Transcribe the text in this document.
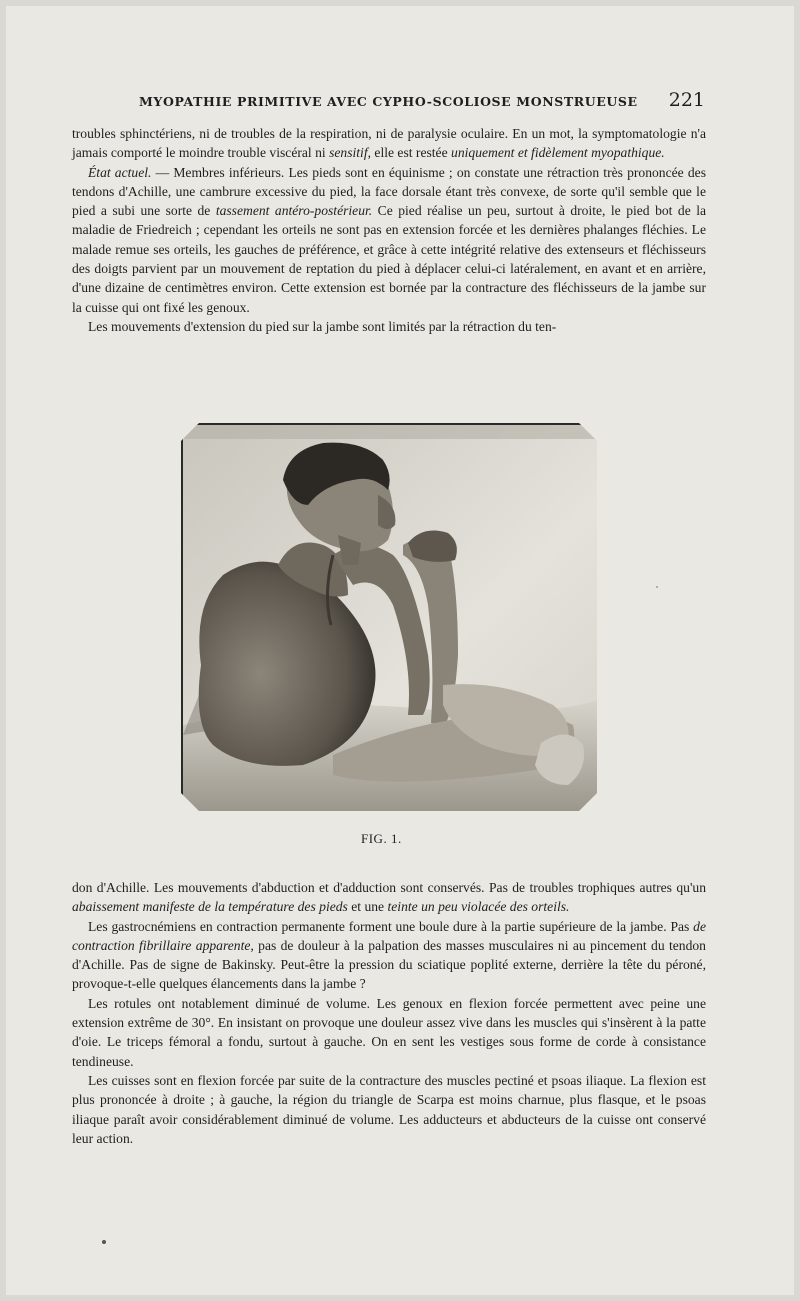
MYOPATHIE PRIMITIVE AVEC CYPHO-SCOLIOSE MONSTRUEUSE 221

troubles sphinctériens, ni de troubles de la respiration, ni de paralysie oculaire. En un mot, la symptomatologie n'a jamais comporté le moindre trouble viscéral ni sensitif, elle est restée uniquement et fidèlement myopathique.

État actuel. — Membres inférieurs. Les pieds sont en équinisme ; on constate une rétraction très prononcée des tendons d'Achille, une cambrure excessive du pied, la face dorsale étant très convexe, de sorte qu'il semble que le pied a subi une sorte de tassement antéro-postérieur. Ce pied réalise un peu, surtout à droite, le pied bot de la maladie de Friedreich ; cependant les orteils ne sont pas en extension forcée et les dernières phalanges fléchies. Le malade remue ses orteils, les gauches de préférence, et grâce à cette intégrité relative des extenseurs et fléchisseurs des doigts parvient par un mouvement de reptation du pied à déplacer celui-ci latéralement, en avant et en arrière, d'une dizaine de centimètres environ. Cette extension est bornée par la contracture des fléchisseurs de la jambe sur la cuisse qui ont fixé les genoux.

Les mouvements d'extension du pied sur la jambe sont limités par la rétraction du ten-

FIG. 1.

don d'Achille. Les mouvements d'abduction et d'adduction sont conservés. Pas de troubles trophiques autres qu'un abaissement manifeste de la température des pieds et une teinte un peu violacée des orteils.

Les gastrocnémiens en contraction permanente forment une boule dure à la partie supérieure de la jambe. Pas de contraction fibrillaire apparente, pas de douleur à la palpation des masses musculaires ni au pincement du tendon d'Achille. Pas de signe de Bakinsky. Peut-être la pression du sciatique poplité externe, derrière la tête du péroné, provoque-t-elle quelques élancements dans la jambe ?

Les rotules ont notablement diminué de volume. Les genoux en flexion forcée permettent avec peine une extension extrême de 30°. En insistant on provoque une douleur assez vive dans les muscles qui s'insèrent à la patte d'oie. Le triceps fémoral a fondu, surtout à gauche. On en sent les vestiges sous forme de corde à consistance tendineuse.

Les cuisses sont en flexion forcée par suite de la contracture des muscles pectiné et psoas iliaque. La flexion est plus prononcée à droite ; à gauche, la région du triangle de Scarpa est moins charnue, plus flasque, et le psoas iliaque paraît avoir considérablement diminué de volume. Les adducteurs et abducteurs de la cuisse ont conservé leur action.
